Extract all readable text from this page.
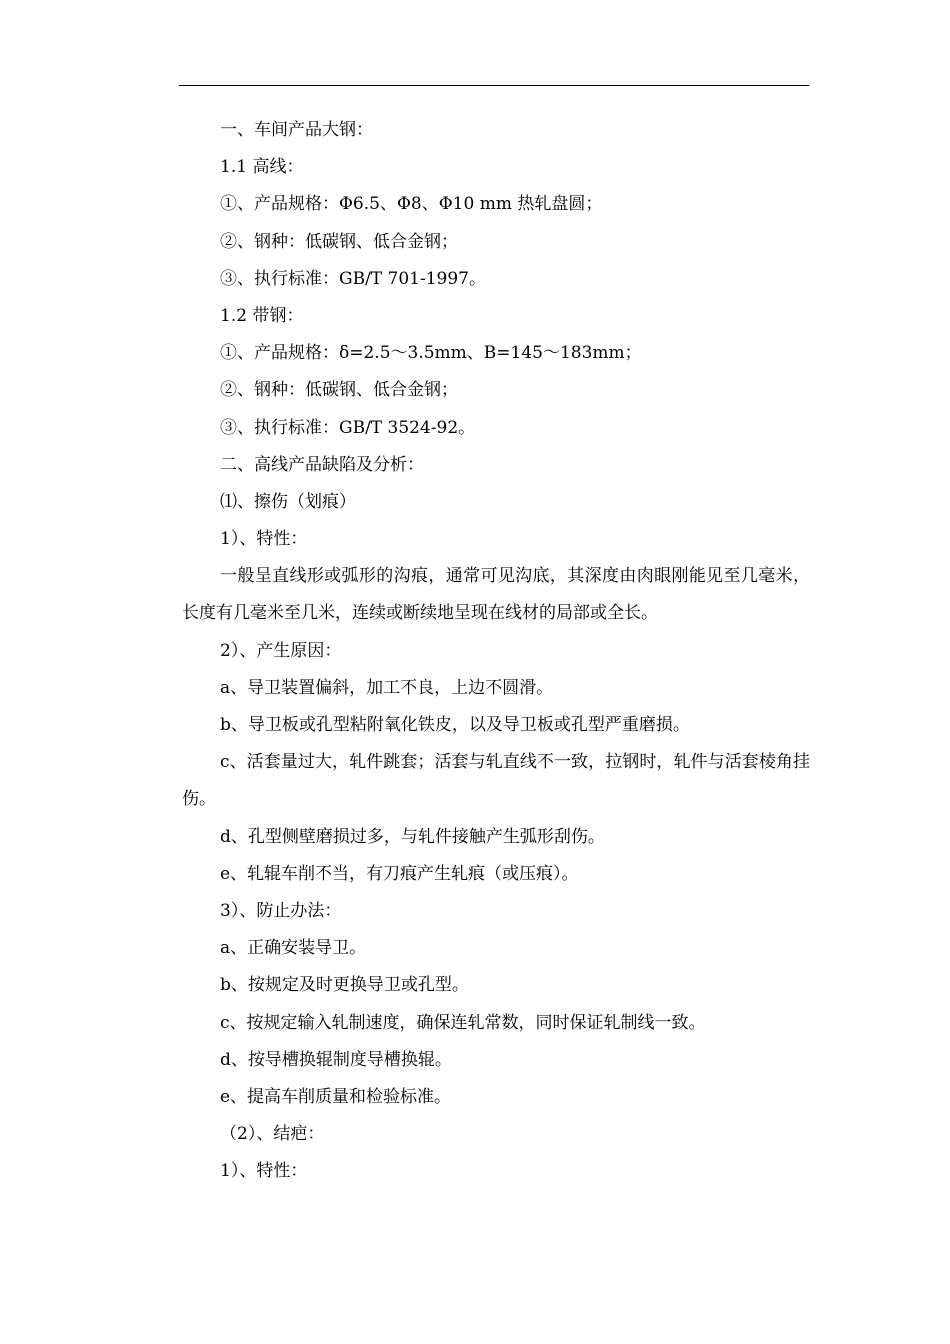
一、车间产品大钢：
1.1 高线：
①、产品规格：Φ6.5、Φ8、Φ10 mm 热轧盘圆；
②、钢种：低碳钢、低合金钢；
③、执行标准：GB/T 701-1997。
1.2 带钢：
①、产品规格：δ=2.5～3.5mm、B=145～183mm；
②、钢种：低碳钢、低合金钢；
③、执行标准：GB/T 3524-92。
二、高线产品缺陷及分析：
⑴、擦伤（划痕）
1）、特性：
一般呈直线形或弧形的沟痕，通常可见沟底，其深度由肉眼刚能见至几毫米，长度有几毫米至几米，连续或断续地呈现在线材的局部或全长。
2）、产生原因：
a、导卫装置偏斜，加工不良，上边不圆滑。
b、导卫板或孔型粘附氧化铁皮，以及导卫板或孔型严重磨损。
c、活套量过大，轧件跳套；活套与轧直线不一致，拉钢时，轧件与活套棱角挂伤。
d、孔型侧壁磨损过多，与轧件接触产生弧形刮伤。
e、轧辊车削不当，有刀痕产生轧痕（或压痕）。
3）、防止办法：
a、正确安装导卫。
b、按规定及时更换导卫或孔型。
c、按规定输入轧制速度，确保连轧常数，同时保证轧制线一致。
d、按导槽换辊制度导槽换辊。
e、提高车削质量和检验标准。
（2）、结疤：
1）、特性：
